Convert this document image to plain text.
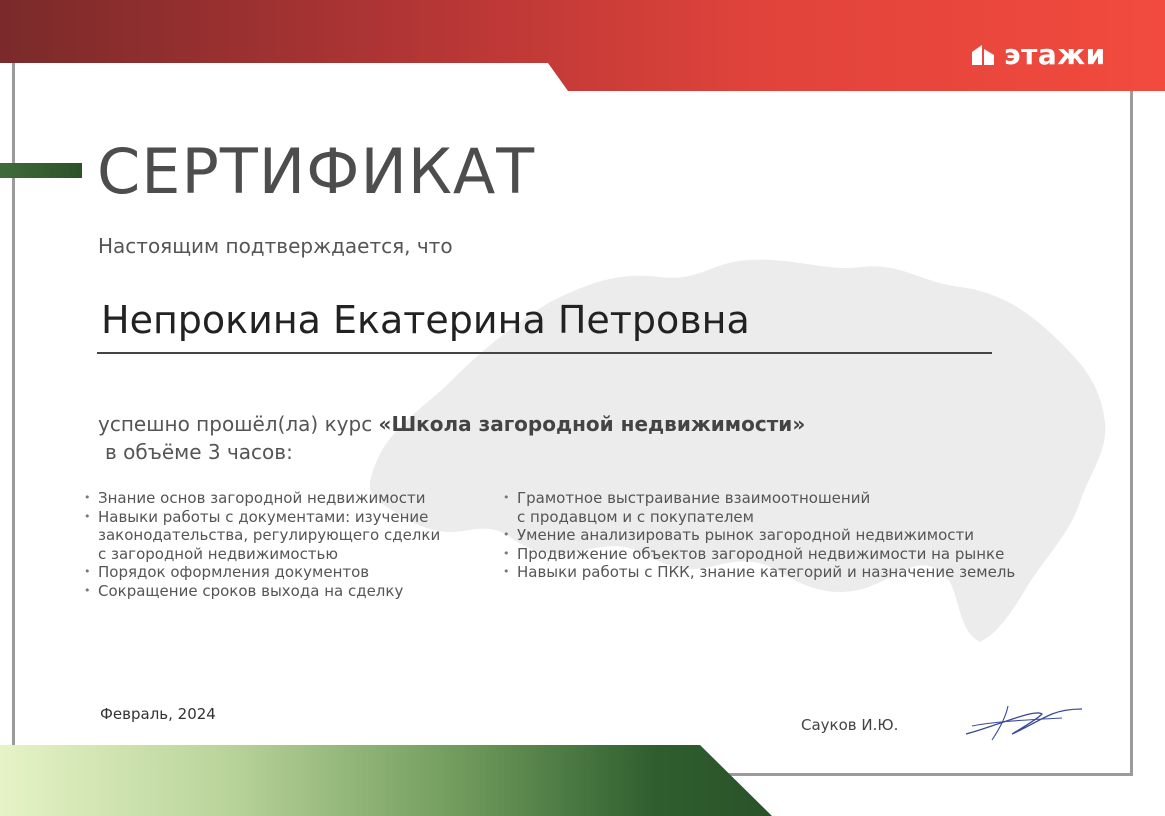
этажи
СЕРТИФИКАТ
Настоящим подтверждается, что
Непрокина Екатерина Петровна
успешно прошёл(ла) курс «Школа загородной недвижимости»
в объёме 3 часов:
• Знание основ загородной недвижимости
• Навыки работы с документами: изучение
законодательства, регулирующего сделки
с загородной недвижимостью
• Порядок оформления документов
• Сокращение сроков выхода на сделку
• Грамотное выстраивание взаимоотношений
с продавцом и с покупателем
• Умение анализировать рынок загородной недвижимости
• Продвижение объектов загородной недвижимости на рынке
• Навыки работы с ПКК, знание категорий и назначение земель
Февраль, 2024
Сауков И.Ю.
